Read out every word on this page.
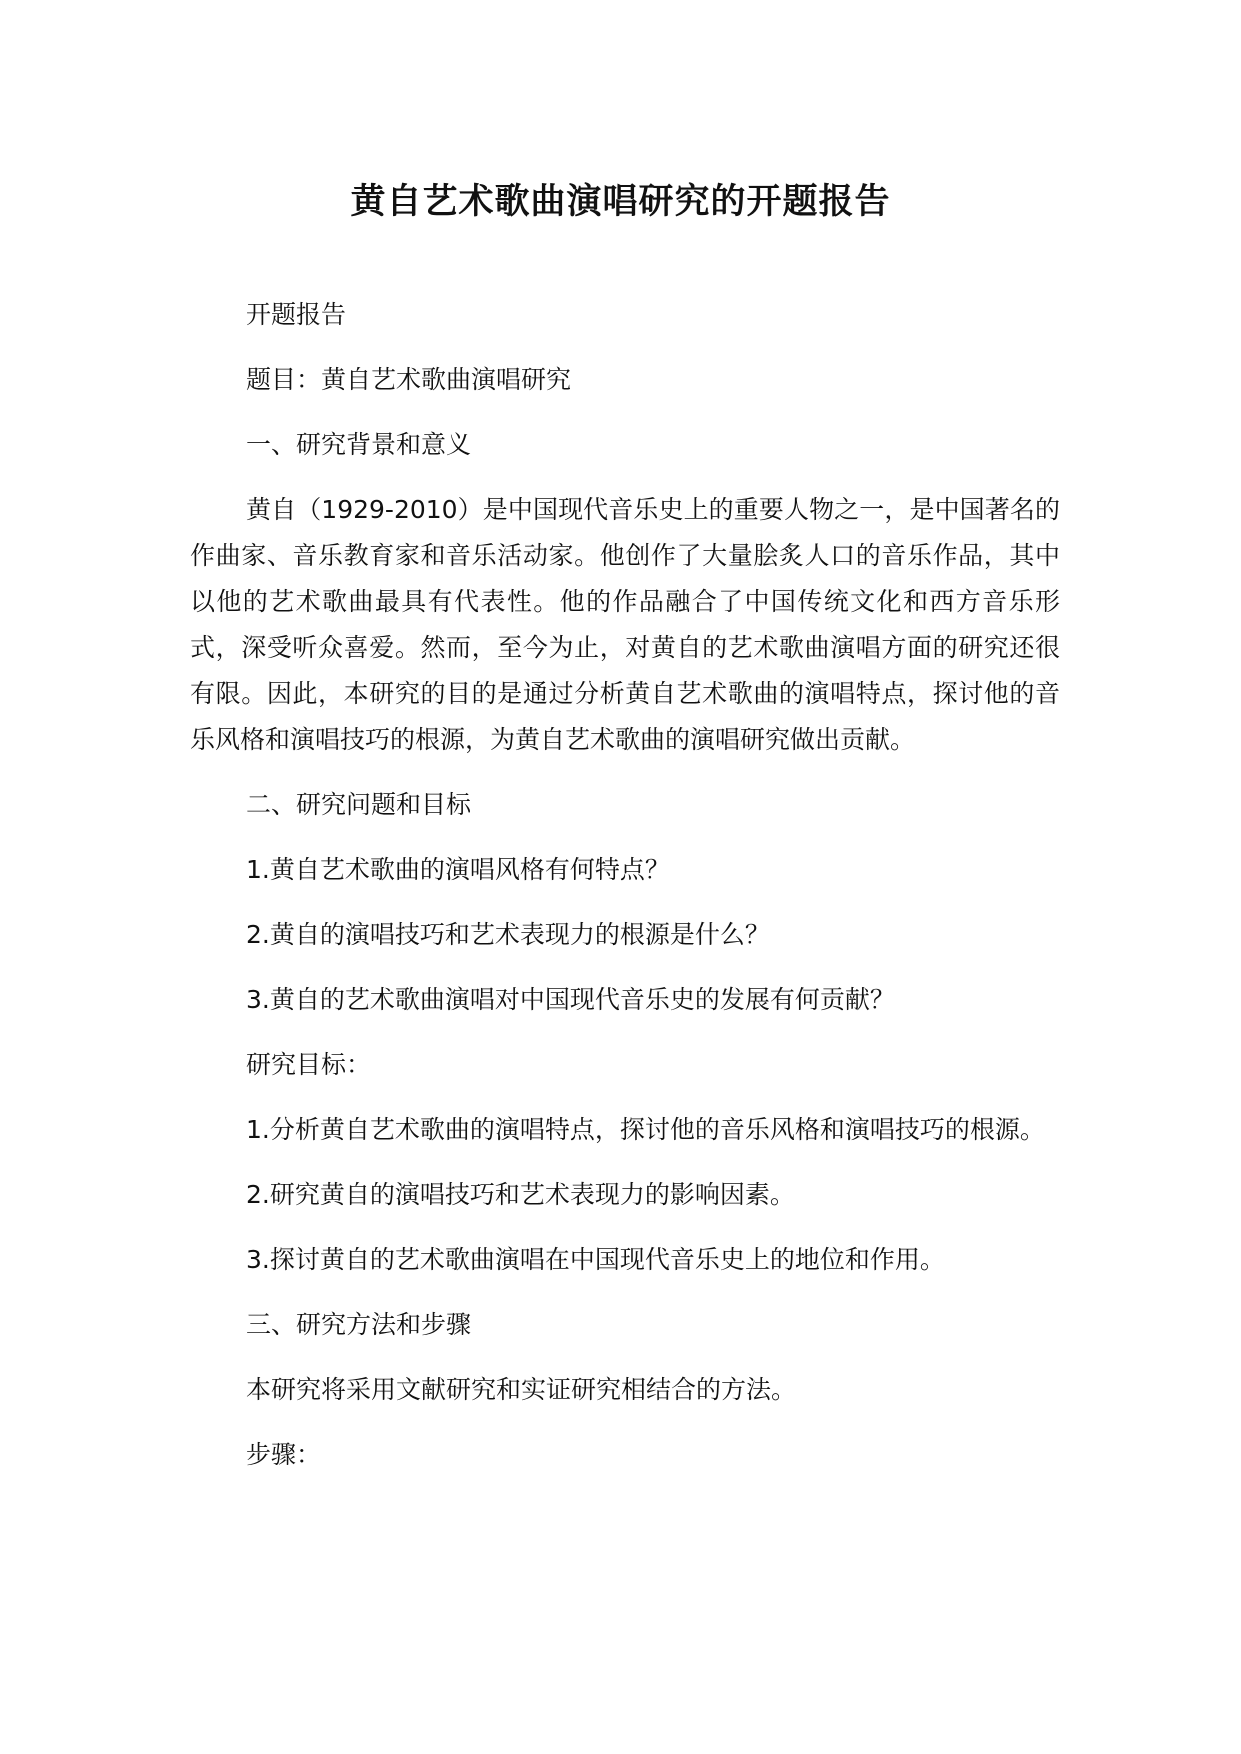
黄自艺术歌曲演唱研究的开题报告

开题报告

题目：黄自艺术歌曲演唱研究

一、研究背景和意义

黄自（1929-2010）是中国现代音乐史上的重要人物之一，是中国著名的作曲家、音乐教育家和音乐活动家。他创作了大量脍炙人口的音乐作品，其中以他的艺术歌曲最具有代表性。他的作品融合了中国传统文化和西方音乐形式，深受听众喜爱。然而，至今为止，对黄自的艺术歌曲演唱方面的研究还很有限。因此，本研究的目的是通过分析黄自艺术歌曲的演唱特点，探讨他的音乐风格和演唱技巧的根源，为黄自艺术歌曲的演唱研究做出贡献。

二、研究问题和目标

1.黄自艺术歌曲的演唱风格有何特点？

2.黄自的演唱技巧和艺术表现力的根源是什么？

3.黄自的艺术歌曲演唱对中国现代音乐史的发展有何贡献？

研究目标：

1.分析黄自艺术歌曲的演唱特点，探讨他的音乐风格和演唱技巧的根源。

2.研究黄自的演唱技巧和艺术表现力的影响因素。

3.探讨黄自的艺术歌曲演唱在中国现代音乐史上的地位和作用。

三、研究方法和步骤

本研究将采用文献研究和实证研究相结合的方法。

步骤：
